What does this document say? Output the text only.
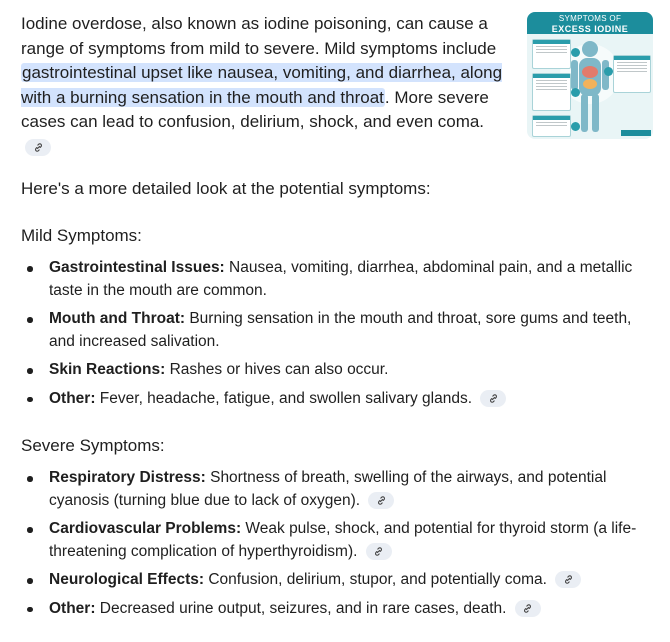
Iodine overdose, also known as iodine poisoning, can cause a range of symptoms from mild to severe. Mild symptoms include gastrointestinal upset like nausea, vomiting, and diarrhea, along with a burning sensation in the mouth and throat. More severe cases can lead to confusion, delirium, shock, and even coma.
SYMPTOMS OF
EXCESS IODINE
Here's a more detailed look at the potential symptoms:
Mild Symptoms:
Gastrointestinal Issues: Nausea, vomiting, diarrhea, abdominal pain, and a metallic taste in the mouth are common.
Mouth and Throat: Burning sensation in the mouth and throat, sore gums and teeth, and increased salivation.
Skin Reactions: Rashes or hives can also occur.
Other: Fever, headache, fatigue, and swollen salivary glands.
Severe Symptoms:
Respiratory Distress: Shortness of breath, swelling of the airways, and potential cyanosis (turning blue due to lack of oxygen).
Cardiovascular Problems: Weak pulse, shock, and potential for thyroid storm (a life-threatening complication of hyperthyroidism).
Neurological Effects: Confusion, delirium, stupor, and potentially coma.
Other: Decreased urine output, seizures, and in rare cases, death.
